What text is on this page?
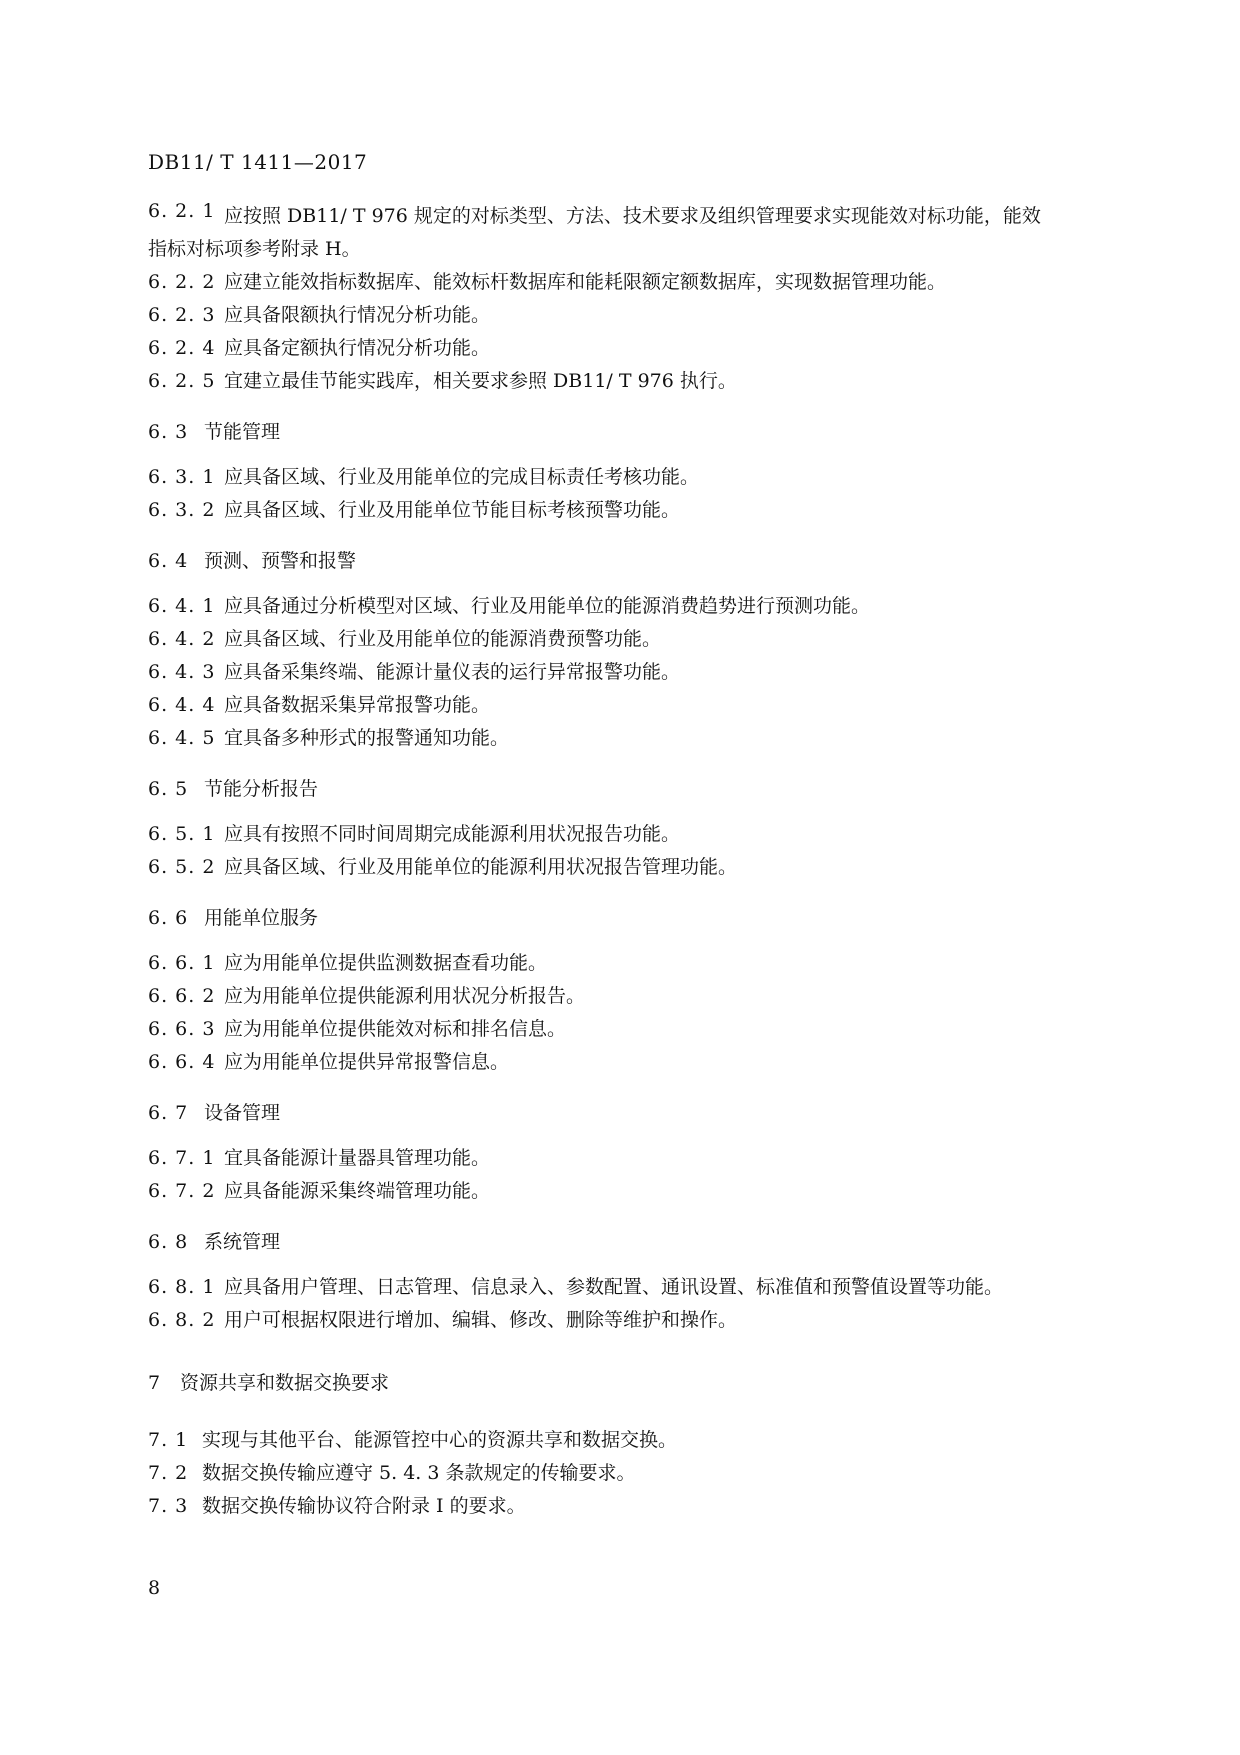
DB11/ T 1411—2017
6. 2. 1 应按照 DB11/ T 976 规定的对标类型、方法、技术要求及组织管理要求实现能效对标功能，能效
指标对标项参考附录 H。
6. 2. 2 应建立能效指标数据库、能效标杆数据库和能耗限额定额数据库，实现数据管理功能。
6. 2. 3 应具备限额执行情况分析功能。
6. 2. 4 应具备定额执行情况分析功能。
6. 2. 5 宜建立最佳节能实践库，相关要求参照 DB11/ T 976 执行。
6. 3 节能管理
6. 3. 1 应具备区域、行业及用能单位的完成目标责任考核功能。
6. 3. 2 应具备区域、行业及用能单位节能目标考核预警功能。
6. 4 预测、预警和报警
6. 4. 1 应具备通过分析模型对区域、行业及用能单位的能源消费趋势进行预测功能。
6. 4. 2 应具备区域、行业及用能单位的能源消费预警功能。
6. 4. 3 应具备采集终端、能源计量仪表的运行异常报警功能。
6. 4. 4 应具备数据采集异常报警功能。
6. 4. 5 宜具备多种形式的报警通知功能。
6. 5 节能分析报告
6. 5. 1 应具有按照不同时间周期完成能源利用状况报告功能。
6. 5. 2 应具备区域、行业及用能单位的能源利用状况报告管理功能。
6. 6 用能单位服务
6. 6. 1 应为用能单位提供监测数据查看功能。
6. 6. 2 应为用能单位提供能源利用状况分析报告。
6. 6. 3 应为用能单位提供能效对标和排名信息。
6. 6. 4 应为用能单位提供异常报警信息。
6. 7 设备管理
6. 7. 1 宜具备能源计量器具管理功能。
6. 7. 2 应具备能源采集终端管理功能。
6. 8 系统管理
6. 8. 1 应具备用户管理、日志管理、信息录入、参数配置、通讯设置、标准值和预警值设置等功能。
6. 8. 2 用户可根据权限进行增加、编辑、修改、删除等维护和操作。
7 资源共享和数据交换要求
7. 1 实现与其他平台、能源管控中心的资源共享和数据交换。
7. 2 数据交换传输应遵守 5. 4. 3 条款规定的传输要求。
7. 3 数据交换传输协议符合附录 I 的要求。
8
